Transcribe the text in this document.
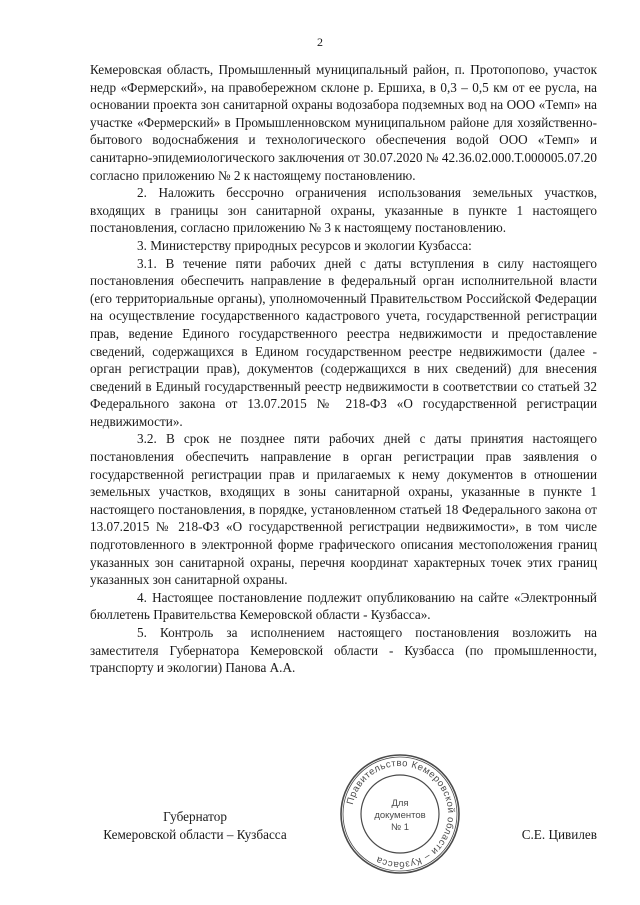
2

Кемеровская область, Промышленный муниципальный район, п. Протопопово, участок недр «Фермерский», на правобережном склоне р. Ершиха, в 0,3 – 0,5 км от ее русла, на основании проекта зон санитарной охраны водозабора подземных вод на ООО «Темп» на участке «Фермерский» в Промышленновском муниципальном районе для хозяйственно-бытового водоснабжения и технологического обеспечения водой ООО «Темп» и санитарно-эпидемиологического заключения от 30.07.2020 № 42.36.02.000.Т.000005.07.20 согласно приложению № 2 к настоящему постановлению.

2. Наложить бессрочно ограничения использования земельных участков, входящих в границы зон санитарной охраны, указанные в пункте 1 настоящего постановления, согласно приложению № 3 к настоящему постановлению.

3. Министерству природных ресурсов и экологии Кузбасса:

3.1. В течение пяти рабочих дней с даты вступления в силу настоящего постановления обеспечить направление в федеральный орган исполнительной власти (его территориальные органы), уполномоченный Правительством Российской Федерации на осуществление государственного кадастрового учета, государственной регистрации прав, ведение Единого государственного реестра недвижимости и предоставление сведений, содержащихся в Едином государственном реестре недвижимости (далее - орган регистрации прав), документов (содержащихся в них сведений) для внесения сведений в Единый государственный реестр недвижимости в соответствии со статьей 32 Федерального закона от 13.07.2015 № 218-ФЗ «О государственной регистрации недвижимости».

3.2. В срок не позднее пяти рабочих дней с даты принятия настоящего постановления обеспечить направление в орган регистрации прав заявления о государственной регистрации прав и прилагаемых к нему документов в отношении земельных участков, входящих в зоны санитарной охраны, указанные в пункте 1 настоящего постановления, в порядке, установленном статьей 18 Федерального закона от 13.07.2015 № 218-ФЗ «О государственной регистрации недвижимости», в том числе подготовленного в электронной форме графического описания местоположения границ указанных зон санитарной охраны, перечня координат характерных точек этих границ указанных зон санитарной охраны.

4. Настоящее постановление подлежит опубликованию на сайте «Электронный бюллетень Правительства Кемеровской области - Кузбасса».

5. Контроль за исполнением настоящего постановления возложить на заместителя Губернатора Кемеровской области - Кузбасса (по промышленности, транспорту и экологии) Панова А.А.

Губернатор
Кемеровской области – Кузбасса	С.Е. Цивилев
Правительство Кемеровской области – Кузбасса
Для
документов
№ 1
